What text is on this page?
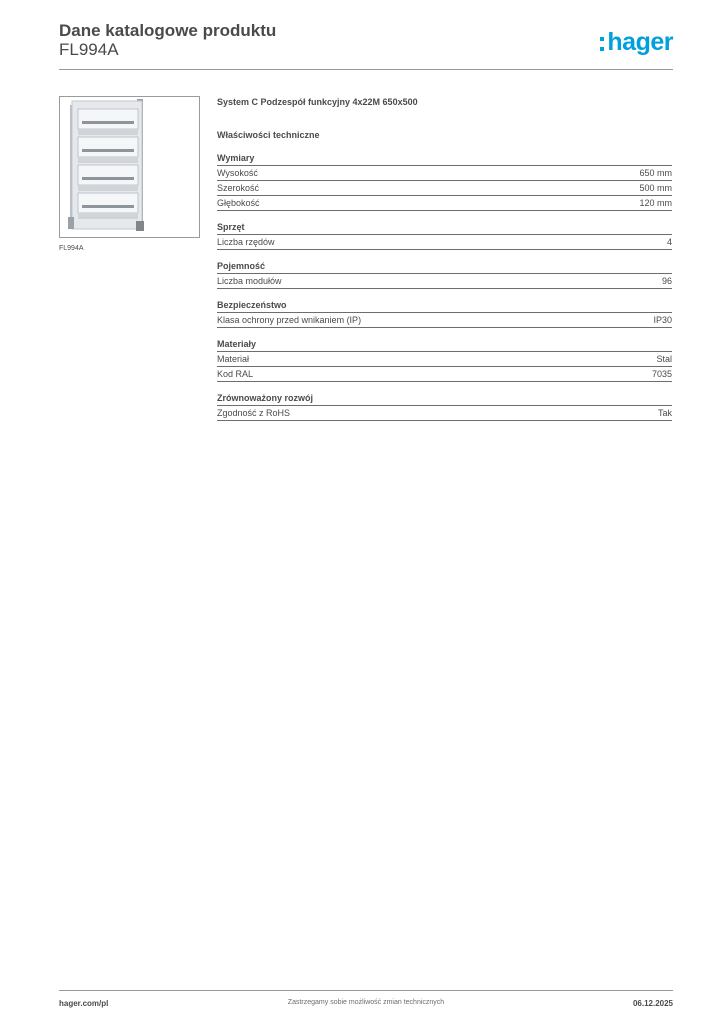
Dane katalogowe produktu
FL994A	hager
FL994A
System C Podzespół funkcyjny 4x22M 650x500
Właściwości techniczne
Wymiary
Wysokość	650 mm
Szerokość	500 mm
Głębokość	120 mm
Sprzęt
Liczba rzędów	4
Pojemność
Liczba modułów	96
Bezpieczeństwo
Klasa ochrony przed wnikaniem (IP)	IP30
Materiały
Materiał	Stal
Kod RAL	7035
Zrównoważony rozwój
Zgodność z RoHS	Tak
hager.com/pl	Zastrzegamy sobie możliwość zmian technicznych	06.12.2025
